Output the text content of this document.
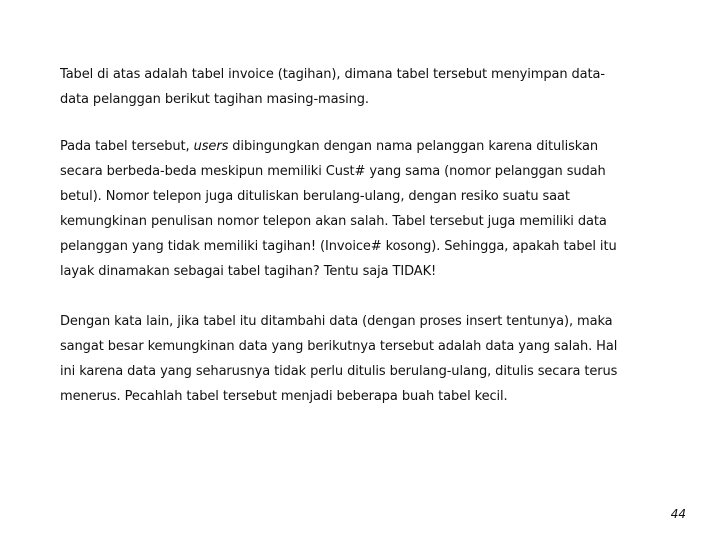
Tabel di atas adalah tabel invoice (tagihan), dimana tabel tersebut menyimpan data-
data pelanggan berikut tagihan masing-masing.

Pada tabel tersebut, users dibingungkan dengan nama pelanggan karena dituliskan
secara berbeda-beda meskipun memiliki Cust# yang sama (nomor pelanggan sudah
betul). Nomor telepon juga dituliskan berulang-ulang, dengan resiko suatu saat
kemungkinan penulisan nomor telepon akan salah. Tabel tersebut juga memiliki data
pelanggan yang tidak memiliki tagihan! (Invoice# kosong). Sehingga, apakah tabel itu
layak dinamakan sebagai tabel tagihan? Tentu saja TIDAK!

Dengan kata lain, jika tabel itu ditambahi data (dengan proses insert tentunya), maka
sangat besar kemungkinan data yang berikutnya tersebut adalah data yang salah. Hal
ini karena data yang seharusnya tidak perlu ditulis berulang-ulang, ditulis secara terus
menerus. Pecahlah tabel tersebut menjadi beberapa buah tabel kecil.

44
